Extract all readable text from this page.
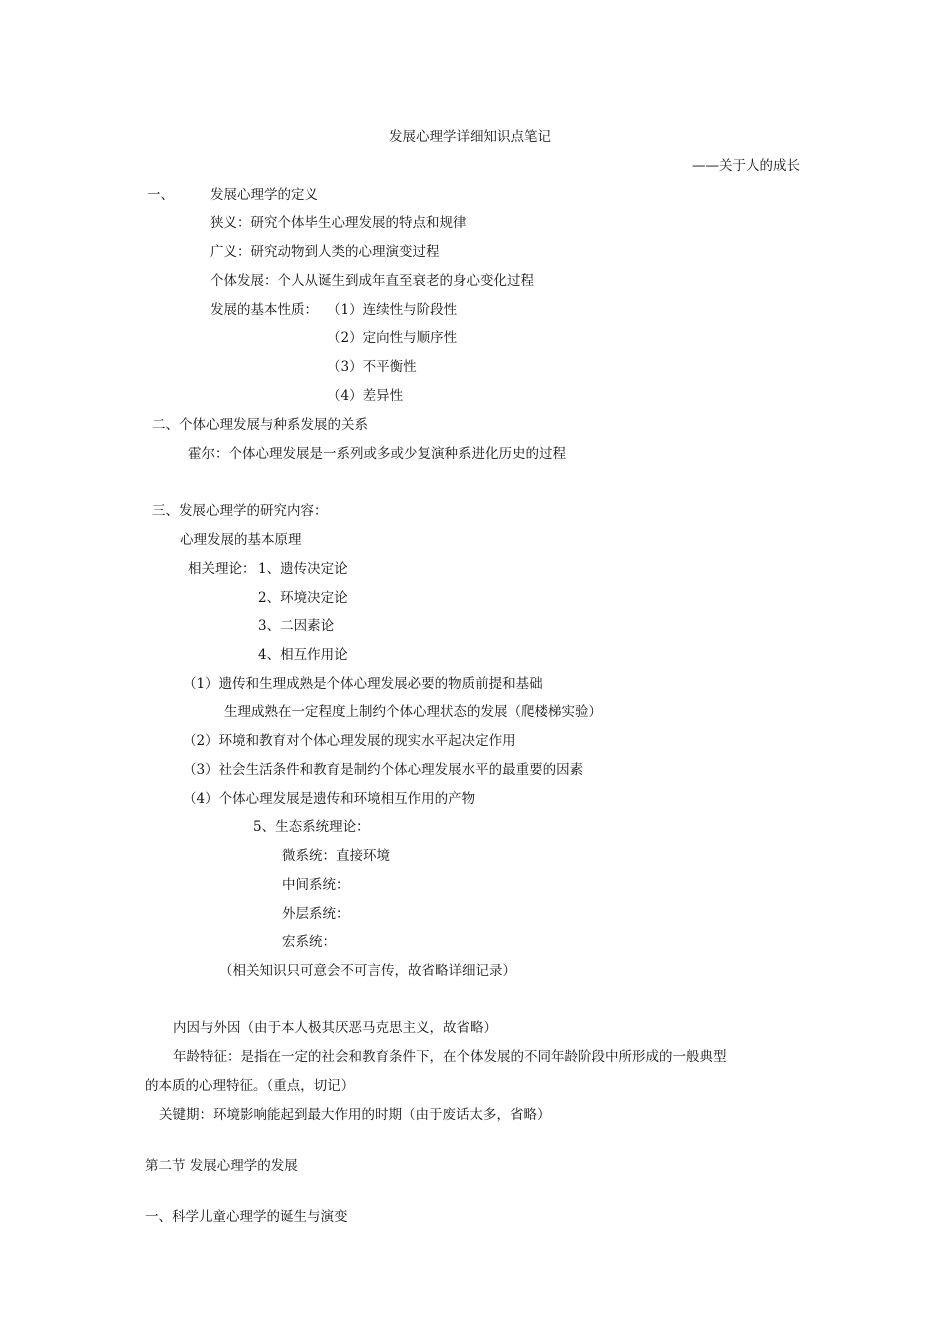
发展心理学详细知识点笔记
——关于人的成长
一、	发展心理学的定义
狭义：研究个体毕生心理发展的特点和规律
广义：研究动物到人类的心理演变过程
个体发展：个人从诞生到成年直至衰老的身心变化过程
发展的基本性质： （1）连续性与阶段性
（2）定向性与顺序性
（3）不平衡性
（4）差异性
二、个体心理发展与种系发展的关系
霍尔：个体心理发展是一系列或多或少复演种系进化历史的过程
三、发展心理学的研究内容：
心理发展的基本原理
相关理论： 1、遗传决定论
2、环境决定论
3、二因素论
4、相互作用论
（1）遗传和生理成熟是个体心理发展必要的物质前提和基础
生理成熟在一定程度上制约个体心理状态的发展（爬楼梯实验）
（2）环境和教育对个体心理发展的现实水平起决定作用
（3）社会生活条件和教育是制约个体心理发展水平的最重要的因素
（4）个体心理发展是遗传和环境相互作用的产物
5、生态系统理论：
微系统：直接环境
中间系统：
外层系统：
宏系统：
（相关知识只可意会不可言传，故省略详细记录）
内因与外因（由于本人极其厌恶马克思主义，故省略）
年龄特征：是指在一定的社会和教育条件下，在个体发展的不同年龄阶段中所形成的一般典型
的本质的心理特征。（重点，切记）
关键期：环境影响能起到最大作用的时期（由于废话太多，省略）
第二节 发展心理学的发展
一、科学儿童心理学的诞生与演变
